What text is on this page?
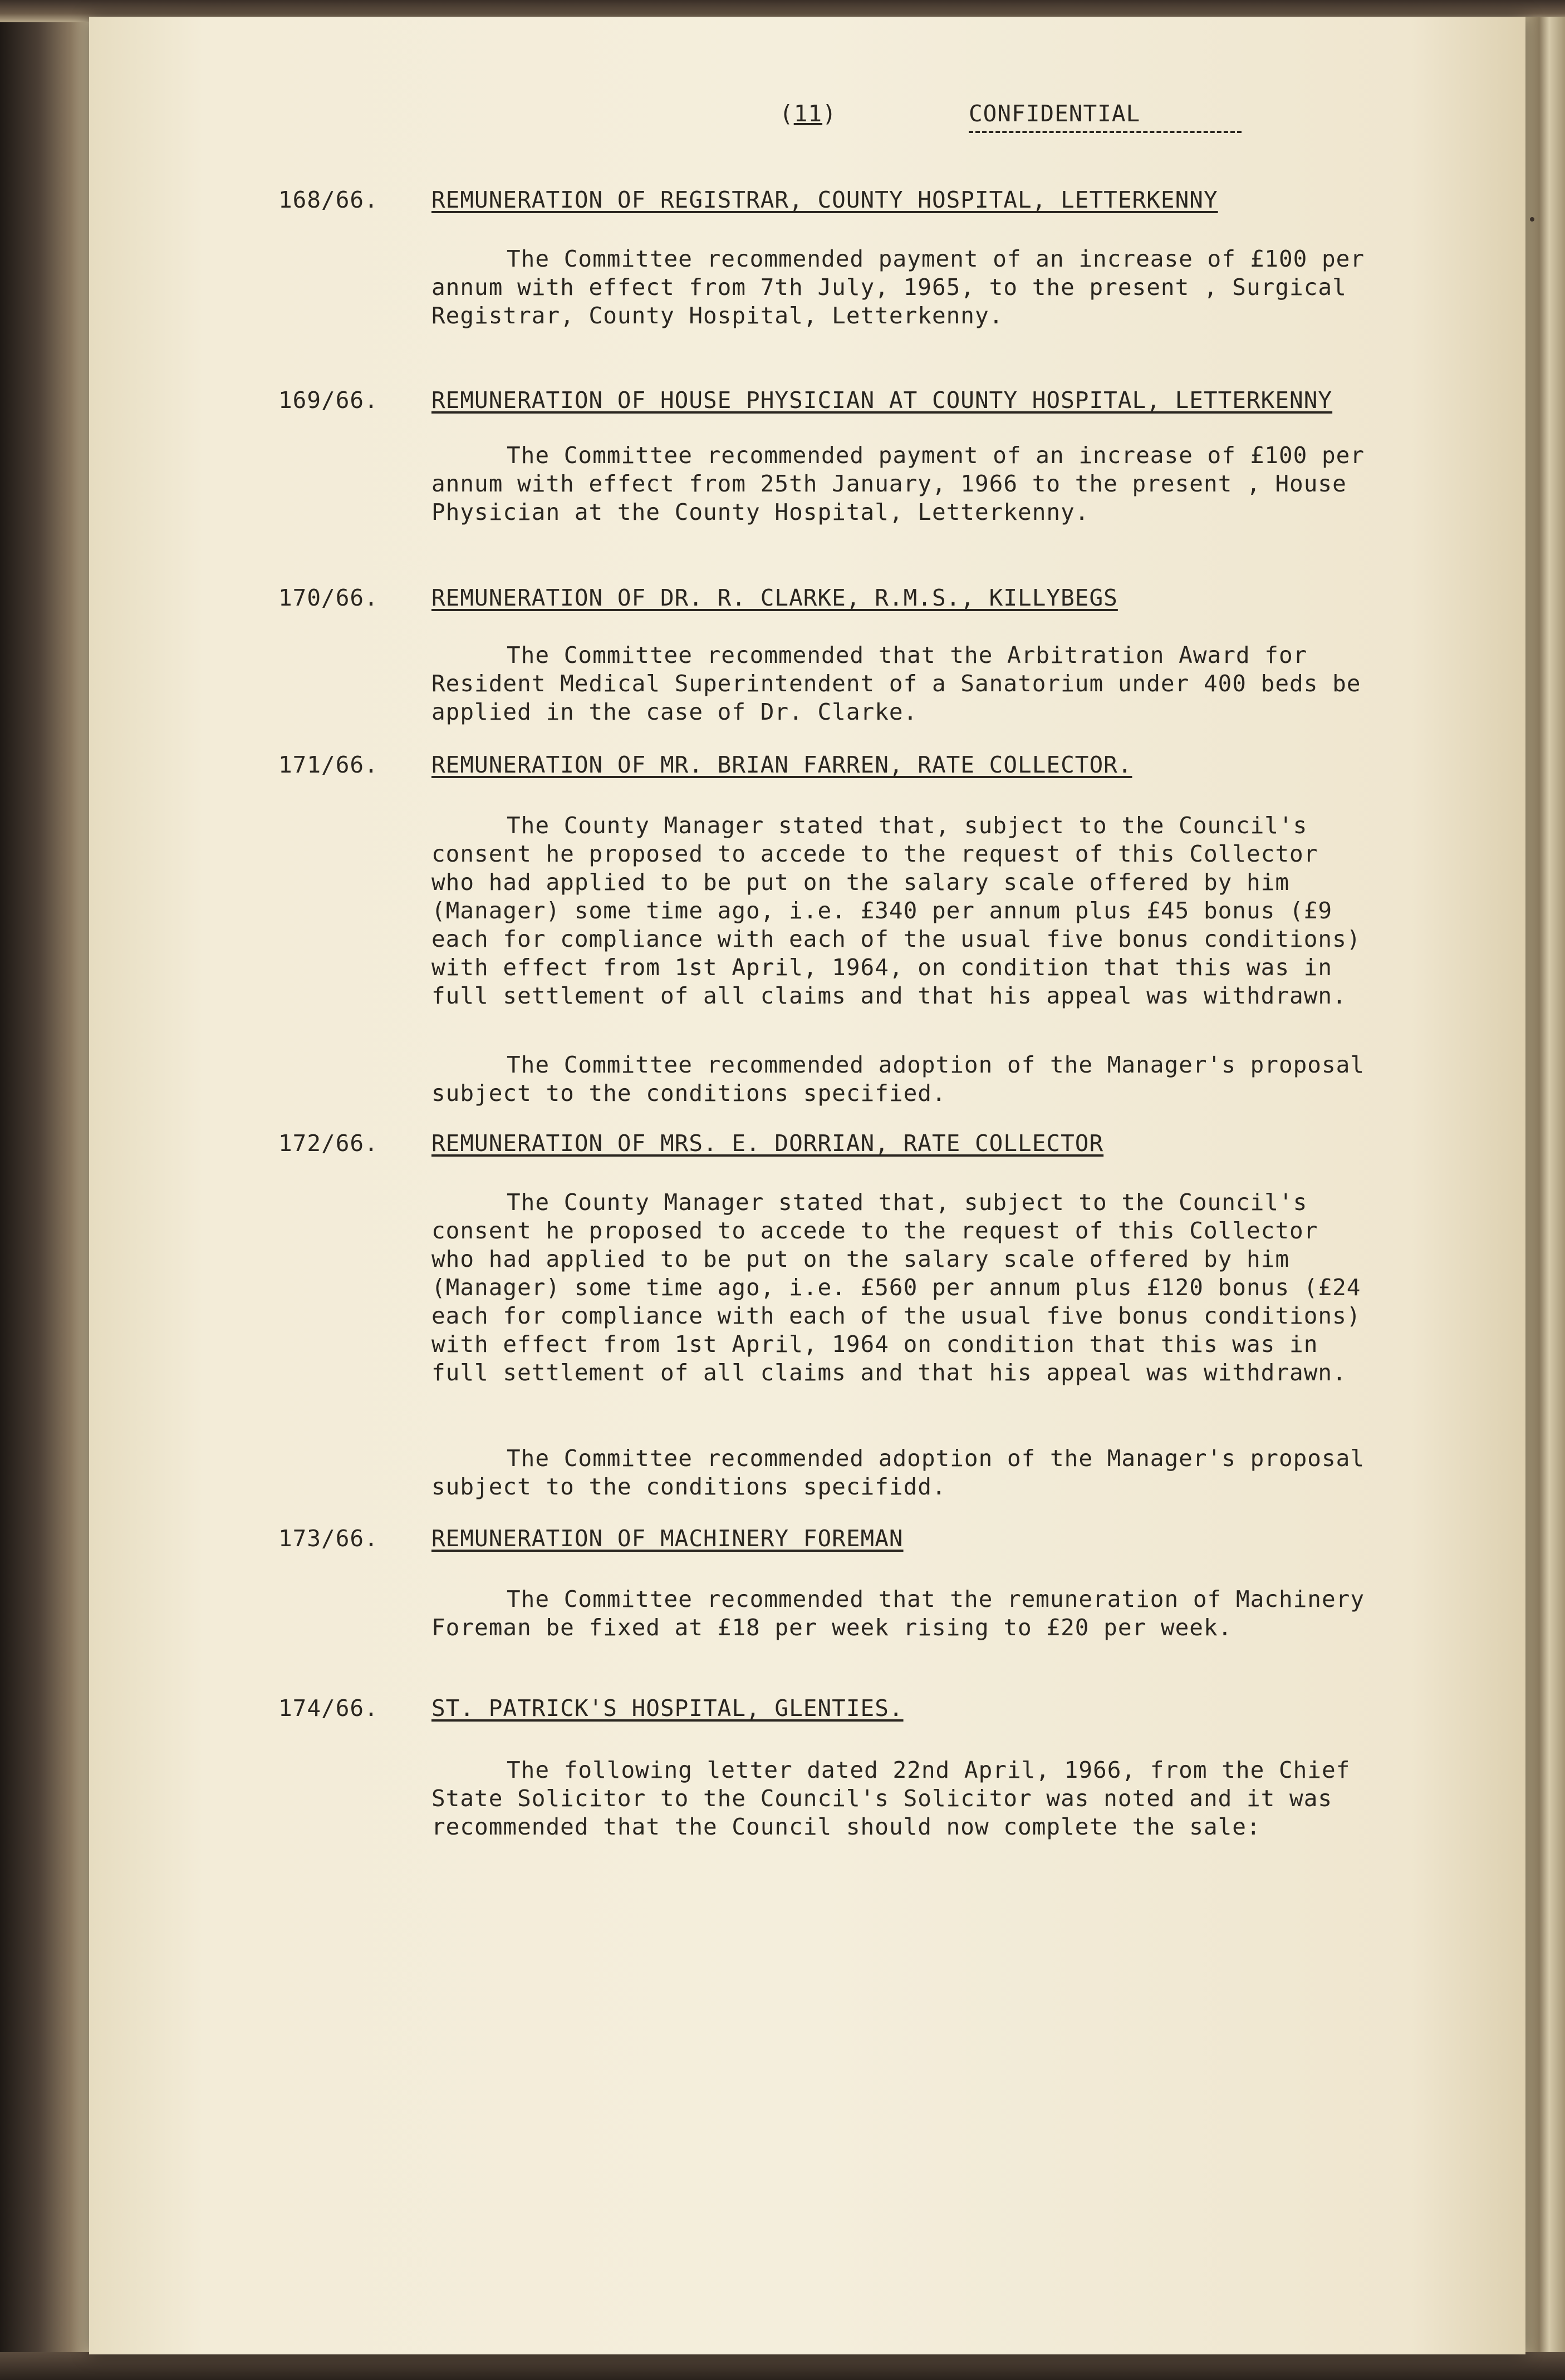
(11)	CONFIDENTIAL
168/66. REMUNERATION OF REGISTRAR, COUNTY HOSPITAL, LETTERKENNY

The Committee recommended payment of an increase of £100 per annum with effect from 7th July, 1965, to the present , Surgical Registrar, County Hospital, Letterkenny.

169/66. REMUNERATION OF HOUSE PHYSICIAN AT COUNTY HOSPITAL, LETTERKENNY

The Committee recommended payment of an increase of £100 per annum with effect from 25th January, 1966 to the present , House Physician at the County Hospital, Letterkenny.

170/66. REMUNERATION OF DR. R. CLARKE, R.M.S., KILLYBEGS

The Committee recommended that the Arbitration Award for Resident Medical Superintendent of a Sanatorium under 400 beds be applied in the case of Dr. Clarke.

171/66. REMUNERATION OF MR. BRIAN FARREN, RATE COLLECTOR.

The County Manager stated that, subject to the Council's consent he proposed to accede to the request of this Collector who had applied to be put on the salary scale offered by him (Manager) some time ago, i.e. £340 per annum plus £45 bonus (£9 each for compliance with each of the usual five bonus conditions) with effect from 1st April, 1964, on condition that this was in full settlement of all claims and that his appeal was withdrawn.

The Committee recommended adoption of the Manager's proposal subject to the conditions specified.

172/66. REMUNERATION OF MRS. E. DORRIAN, RATE COLLECTOR

The County Manager stated that, subject to the Council's consent he proposed to accede to the request of this Collector who had applied to be put on the salary scale offered by him (Manager) some time ago, i.e. £560 per annum plus £120 bonus (£24 each for compliance with each of the usual five bonus conditions) with effect from 1st April, 1964 on condition that this was in full settlement of all claims and that his appeal was withdrawn.

The Committee recommended adoption of the Manager's proposal subject to the conditions specifidd.

173/66. REMUNERATION OF MACHINERY FOREMAN

The Committee recommended that the remuneration of Machinery Foreman be fixed at £18 per week rising to £20 per week.

174/66. ST. PATRICK'S HOSPITAL, GLENTIES.

The following letter dated 22nd April, 1966, from the Chief State Solicitor to the Council's Solicitor was noted and it was recommended that the Council should now complete the sale:
